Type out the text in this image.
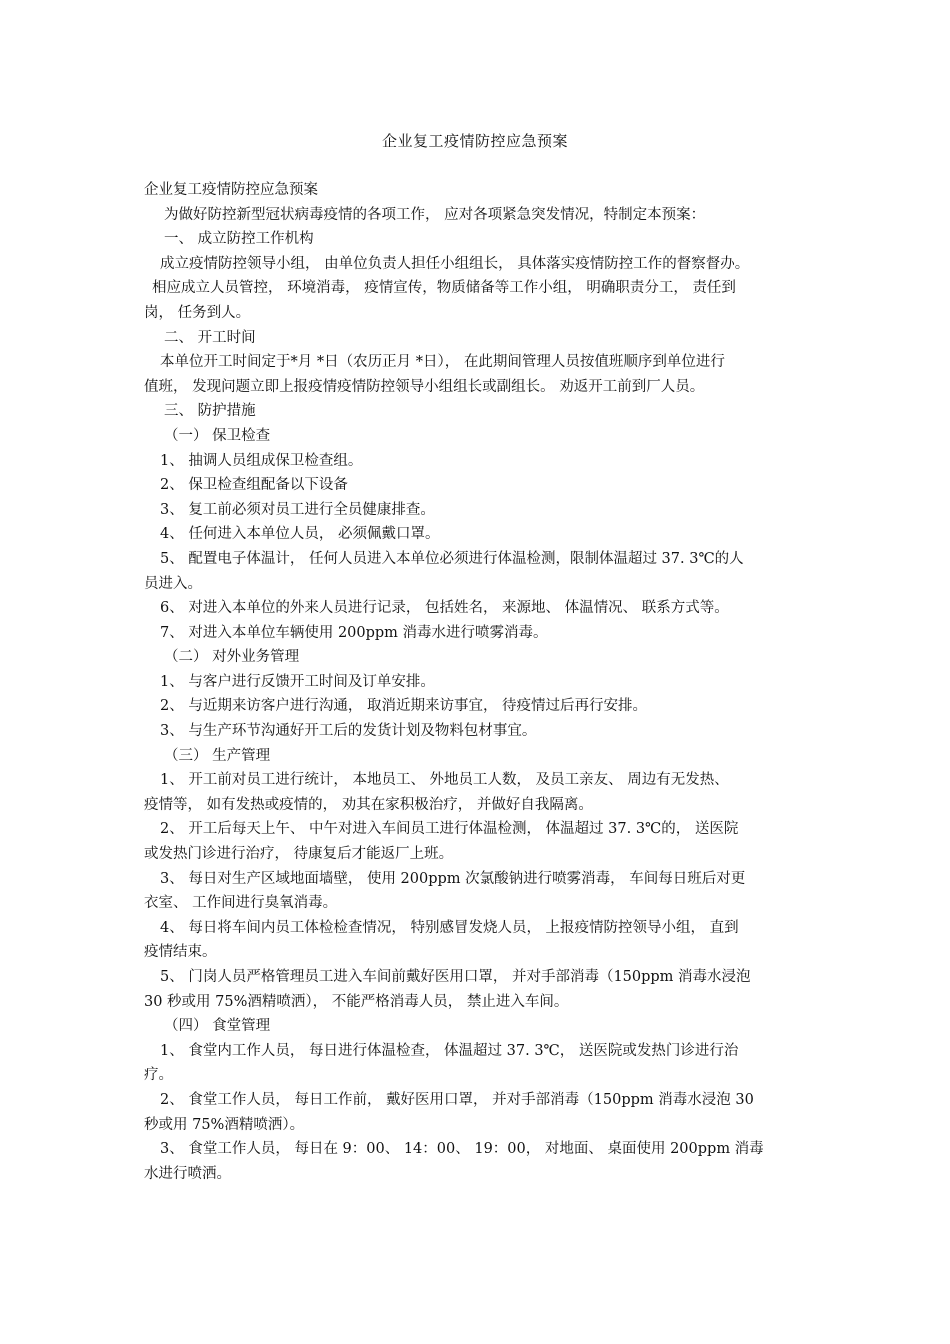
企业复工疫情防控应急预案

企业复工疫情防控应急预案

为做好防控新型冠状病毒疫情的各项工作， 应对各项紧急突发情况，特制定本预案：

一、 成立防控工作机构

成立疫情防控领导小组， 由单位负责人担任小组组长， 具体落实疫情防控工作的督察督办。

相应成立人员管控， 环境消毒， 疫情宣传，物质储备等工作小组， 明确职责分工， 责任到

岗， 任务到人。

二、 开工时间

本单位开工时间定于*月 *日（农历正月 *日）， 在此期间管理人员按值班顺序到单位进行

值班， 发现问题立即上报疫情疫情防控领导小组组长或副组长。 劝返开工前到厂人员。

三、 防护措施

（一） 保卫检查

1、 抽调人员组成保卫检查组。

2、 保卫检查组配备以下设备

3、 复工前必须对员工进行全员健康排查。

4、 任何进入本单位人员， 必须佩戴口罩。

5、 配置电子体温计， 任何人员进入本单位必须进行体温检测，限制体温超过 37. 3℃的人

员进入。

6、 对进入本单位的外来人员进行记录， 包括姓名， 来源地、 体温情况、 联系方式等。

7、 对进入本单位车辆使用 200ppm 消毒水进行喷雾消毒。

（二） 对外业务管理

1、 与客户进行反馈开工时间及订单安排。

2、 与近期来访客户进行沟通， 取消近期来访事宜， 待疫情过后再行安排。

3、 与生产环节沟通好开工后的发货计划及物料包材事宜。

（三） 生产管理

1、 开工前对员工进行统计， 本地员工、 外地员工人数， 及员工亲友、 周边有无发热、

疫情等， 如有发热或疫情的， 劝其在家积极治疗， 并做好自我隔离。

2、 开工后每天上午、 中午对进入车间员工进行体温检测， 体温超过 37. 3℃的， 送医院

或发热门诊进行治疗， 待康复后才能返厂上班。

3、 每日对生产区域地面墙壁， 使用 200ppm 次氯酸钠进行喷雾消毒， 车间每日班后对更

衣室、 工作间进行臭氧消毒。

4、 每日将车间内员工体检检查情况， 特别感冒发烧人员， 上报疫情防控领导小组， 直到

疫情结束。

5、 门岗人员严格管理员工进入车间前戴好医用口罩， 并对手部消毒（150ppm 消毒水浸泡

30 秒或用 75%酒精喷洒）， 不能严格消毒人员， 禁止进入车间。

（四） 食堂管理

1、 食堂内工作人员， 每日进行体温检查， 体温超过 37. 3℃， 送医院或发热门诊进行治

疗。

2、 食堂工作人员， 每日工作前， 戴好医用口罩， 并对手部消毒（150ppm 消毒水浸泡 30

秒或用 75%酒精喷洒）。

3、 食堂工作人员， 每日在 9：00、 14：00、 19：00， 对地面、 桌面使用 200ppm 消毒

水进行喷洒。
